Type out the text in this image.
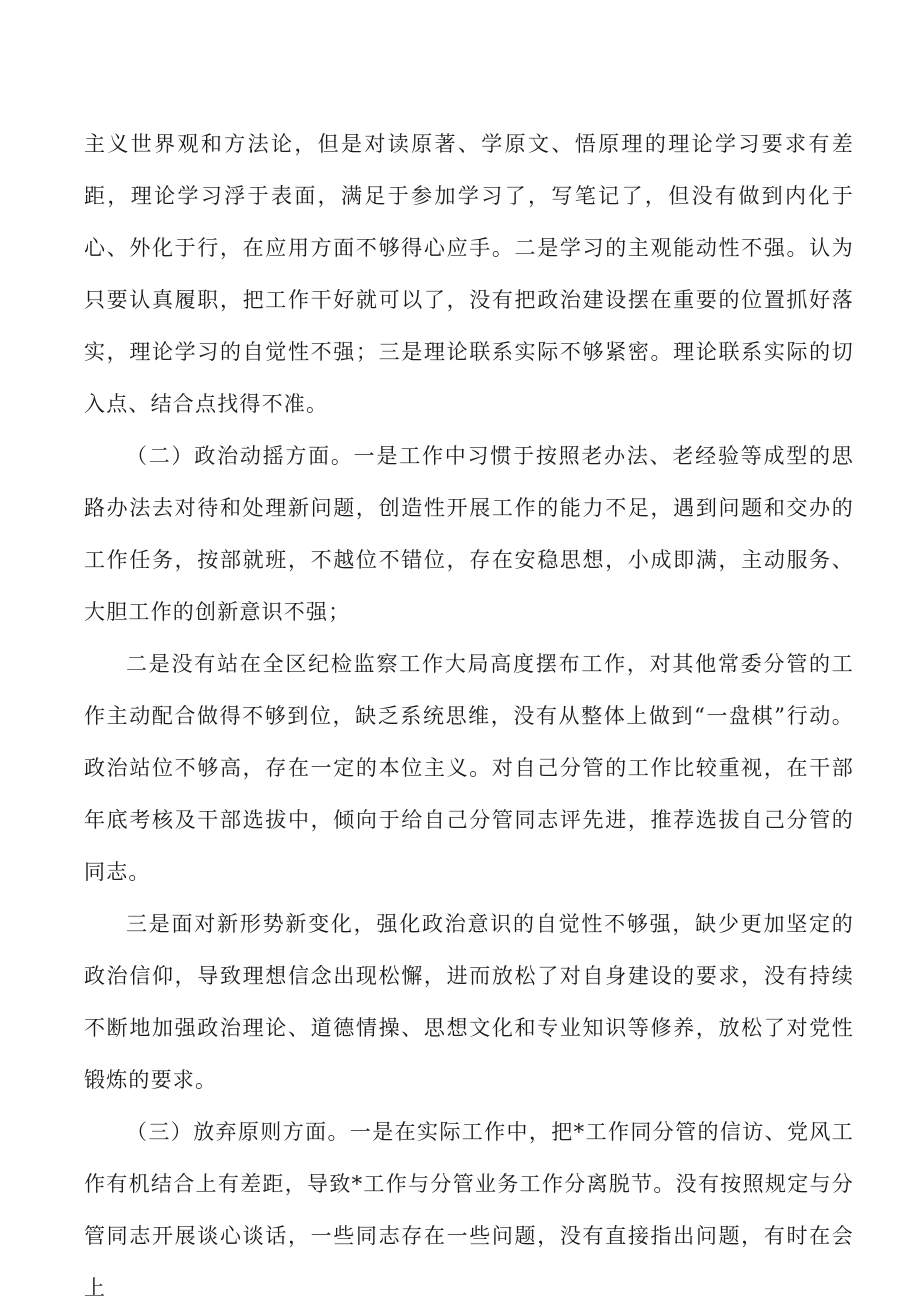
主义世界观和方法论，但是对读原著、学原文、悟原理的理论学习要求有差距，理论学习浮于表面，满足于参加学习了，写笔记了，但没有做到内化于心、外化于行，在应用方面不够得心应手。二是学习的主观能动性不强。认为只要认真履职，把工作干好就可以了，没有把政治建设摆在重要的位置抓好落实，理论学习的自觉性不强；三是理论联系实际不够紧密。理论联系实际的切入点、结合点找得不准。

（二）政治动摇方面。一是工作中习惯于按照老办法、老经验等成型的思路办法去对待和处理新问题，创造性开展工作的能力不足，遇到问题和交办的工作任务，按部就班，不越位不错位，存在安稳思想，小成即满，主动服务、大胆工作的创新意识不强；

二是没有站在全区纪检监察工作大局高度摆布工作，对其他常委分管的工作主动配合做得不够到位，缺乏系统思维，没有从整体上做到“一盘棋”行动。政治站位不够高，存在一定的本位主义。对自己分管的工作比较重视，在干部年底考核及干部选拔中，倾向于给自己分管同志评先进，推荐选拔自己分管的同志。

三是面对新形势新变化，强化政治意识的自觉性不够强，缺少更加坚定的政治信仰，导致理想信念出现松懈，进而放松了对自身建设的要求，没有持续不断地加强政治理论、道德情操、思想文化和专业知识等修养，放松了对党性锻炼的要求。

（三）放弃原则方面。一是在实际工作中，把*工作同分管的信访、党风工作有机结合上有差距，导致*工作与分管业务工作分离脱节。没有按照规定与分管同志开展谈心谈话，一些同志存在一些问题，没有直接指出问题，有时在会上
